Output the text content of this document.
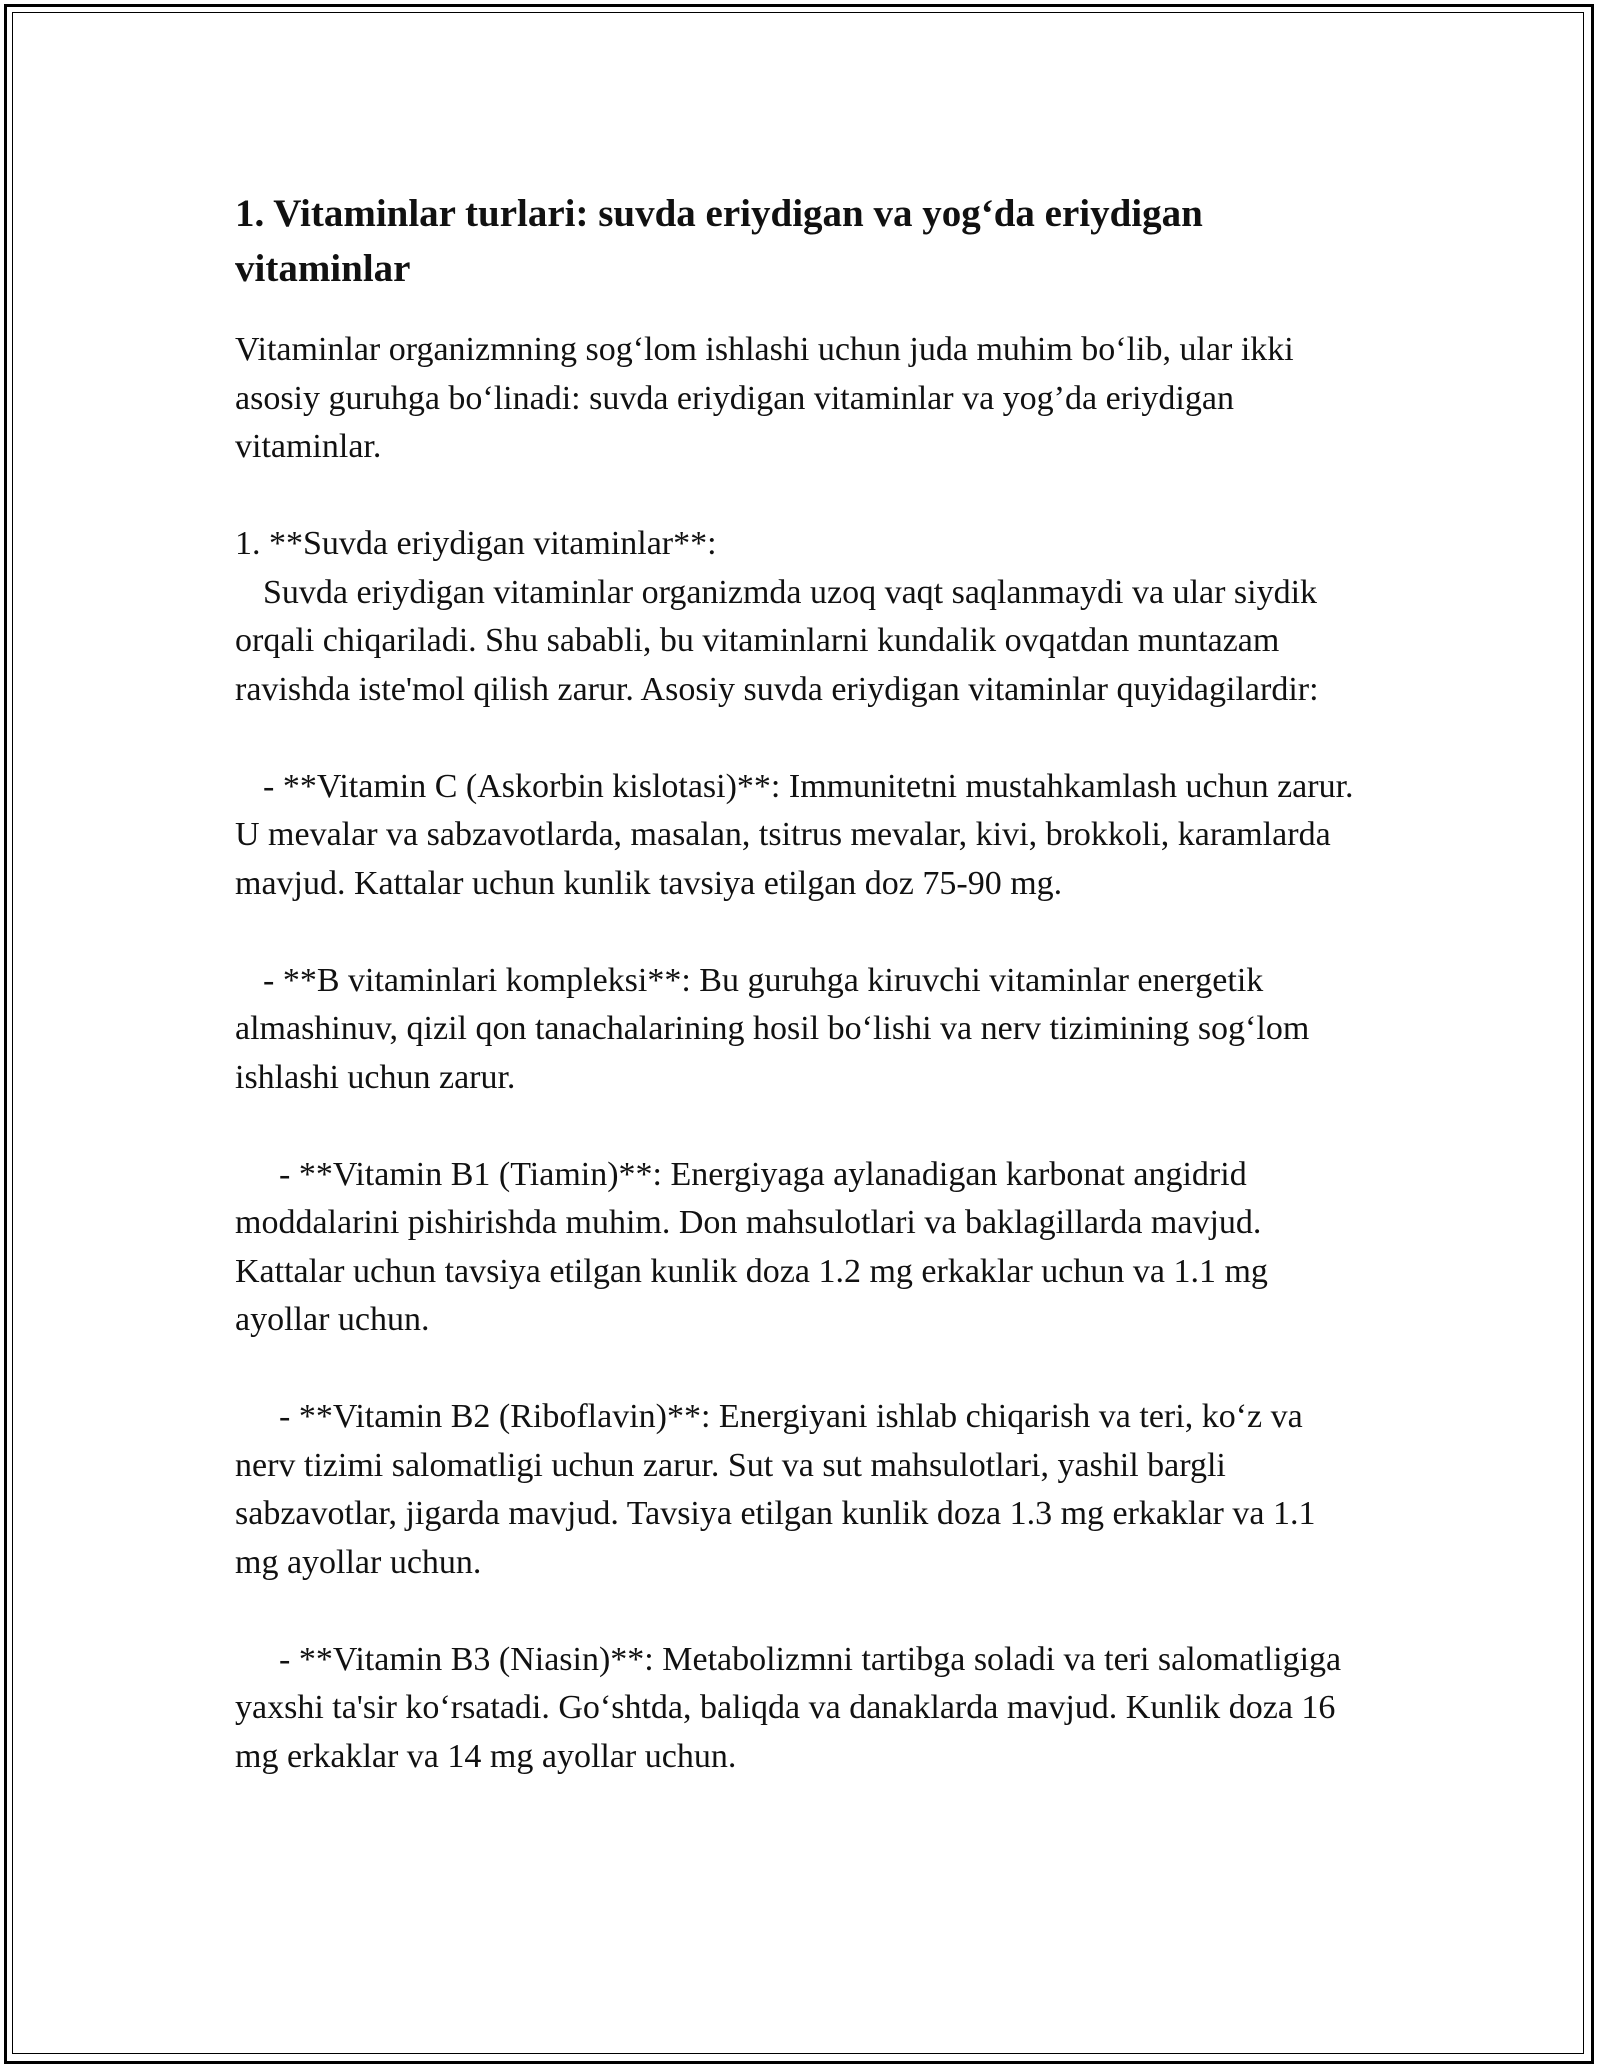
1. Vitaminlar turlari: suvda eriydigan va yog‘da eriydigan vitaminlar

Vitaminlar organizmning sog‘lom ishlashi uchun juda muhim bo‘lib, ular ikki asosiy guruhga bo‘linadi: suvda eriydigan vitaminlar va yog’da eriydigan vitaminlar.

1. **Suvda eriydigan vitaminlar**:

Suvda eriydigan vitaminlar organizmda uzoq vaqt saqlanmaydi va ular siydik orqali chiqariladi. Shu sababli, bu vitaminlarni kundalik ovqatdan muntazam ravishda iste'mol qilish zarur. Asosiy suvda eriydigan vitaminlar quyidagilardir:

- **Vitamin C (Askorbin kislotasi)**: Immunitetni mustahkamlash uchun zarur. U mevalar va sabzavotlarda, masalan, tsitrus mevalar, kivi, brokkoli, karamlarda mavjud. Kattalar uchun kunlik tavsiya etilgan doz 75-90 mg.

- **B vitaminlari kompleksi**: Bu guruhga kiruvchi vitaminlar energetik almashinuv, qizil qon tanachalarining hosil bo‘lishi va nerv tizimining sog‘lom ishlashi uchun zarur.

- **Vitamin B1 (Tiamin)**: Energiyaga aylanadigan karbonat angidrid moddalarini pishirishda muhim. Don mahsulotlari va baklagillarda mavjud. Kattalar uchun tavsiya etilgan kunlik doza 1.2 mg erkaklar uchun va 1.1 mg ayollar uchun.

- **Vitamin B2 (Riboflavin)**: Energiyani ishlab chiqarish va teri, ko‘z va nerv tizimi salomatligi uchun zarur. Sut va sut mahsulotlari, yashil bargli sabzavotlar, jigarda mavjud. Tavsiya etilgan kunlik doza 1.3 mg erkaklar va 1.1 mg ayollar uchun.

- **Vitamin B3 (Niasin)**: Metabolizmni tartibga soladi va teri salomatligiga yaxshi ta'sir ko‘rsatadi. Go‘shtda, baliqda va danaklarda mavjud. Kunlik doza 16 mg erkaklar va 14 mg ayollar uchun.
